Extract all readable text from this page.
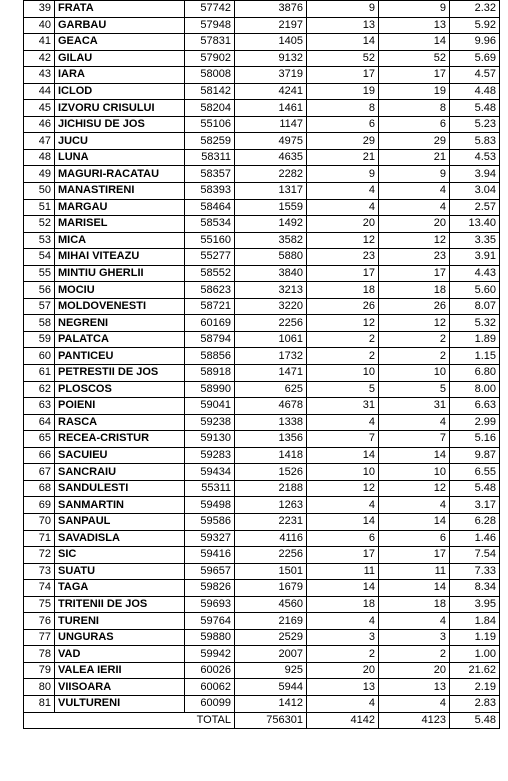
39	FRATA	57742	3876	9	9	2.32
40	GARBAU	57948	2197	13	13	5.92
41	GEACA	57831	1405	14	14	9.96
42	GILAU	57902	9132	52	52	5.69
43	IARA	58008	3719	17	17	4.57
44	ICLOD	58142	4241	19	19	4.48
45	IZVORU CRISULUI	58204	1461	8	8	5.48
46	JICHISU DE JOS	55106	1147	6	6	5.23
47	JUCU	58259	4975	29	29	5.83
48	LUNA	58311	4635	21	21	4.53
49	MAGURI-RACATAU	58357	2282	9	9	3.94
50	MANASTIRENI	58393	1317	4	4	3.04
51	MARGAU	58464	1559	4	4	2.57
52	MARISEL	58534	1492	20	20	13.40
53	MICA	55160	3582	12	12	3.35
54	MIHAI VITEAZU	55277	5880	23	23	3.91
55	MINTIU GHERLII	58552	3840	17	17	4.43
56	MOCIU	58623	3213	18	18	5.60
57	MOLDOVENESTI	58721	3220	26	26	8.07
58	NEGRENI	60169	2256	12	12	5.32
59	PALATCA	58794	1061	2	2	1.89
60	PANTICEU	58856	1732	2	2	1.15
61	PETRESTII DE JOS	58918	1471	10	10	6.80
62	PLOSCOS	58990	625	5	5	8.00
63	POIENI	59041	4678	31	31	6.63
64	RASCA	59238	1338	4	4	2.99
65	RECEA-CRISTUR	59130	1356	7	7	5.16
66	SACUIEU	59283	1418	14	14	9.87
67	SANCRAIU	59434	1526	10	10	6.55
68	SANDULESTI	55311	2188	12	12	5.48
69	SANMARTIN	59498	1263	4	4	3.17
70	SANPAUL	59586	2231	14	14	6.28
71	SAVADISLA	59327	4116	6	6	1.46
72	SIC	59416	2256	17	17	7.54
73	SUATU	59657	1501	11	11	7.33
74	TAGA	59826	1679	14	14	8.34
75	TRITENII DE JOS	59693	4560	18	18	3.95
76	TURENI	59764	2169	4	4	1.84
77	UNGURAS	59880	2529	3	3	1.19
78	VAD	59942	2007	2	2	1.00
79	VALEA IERII	60026	925	20	20	21.62
80	VIISOARA	60062	5944	13	13	2.19
81	VULTURENI	60099	1412	4	4	2.83
		TOTAL	756301	4142	4123	5.48
